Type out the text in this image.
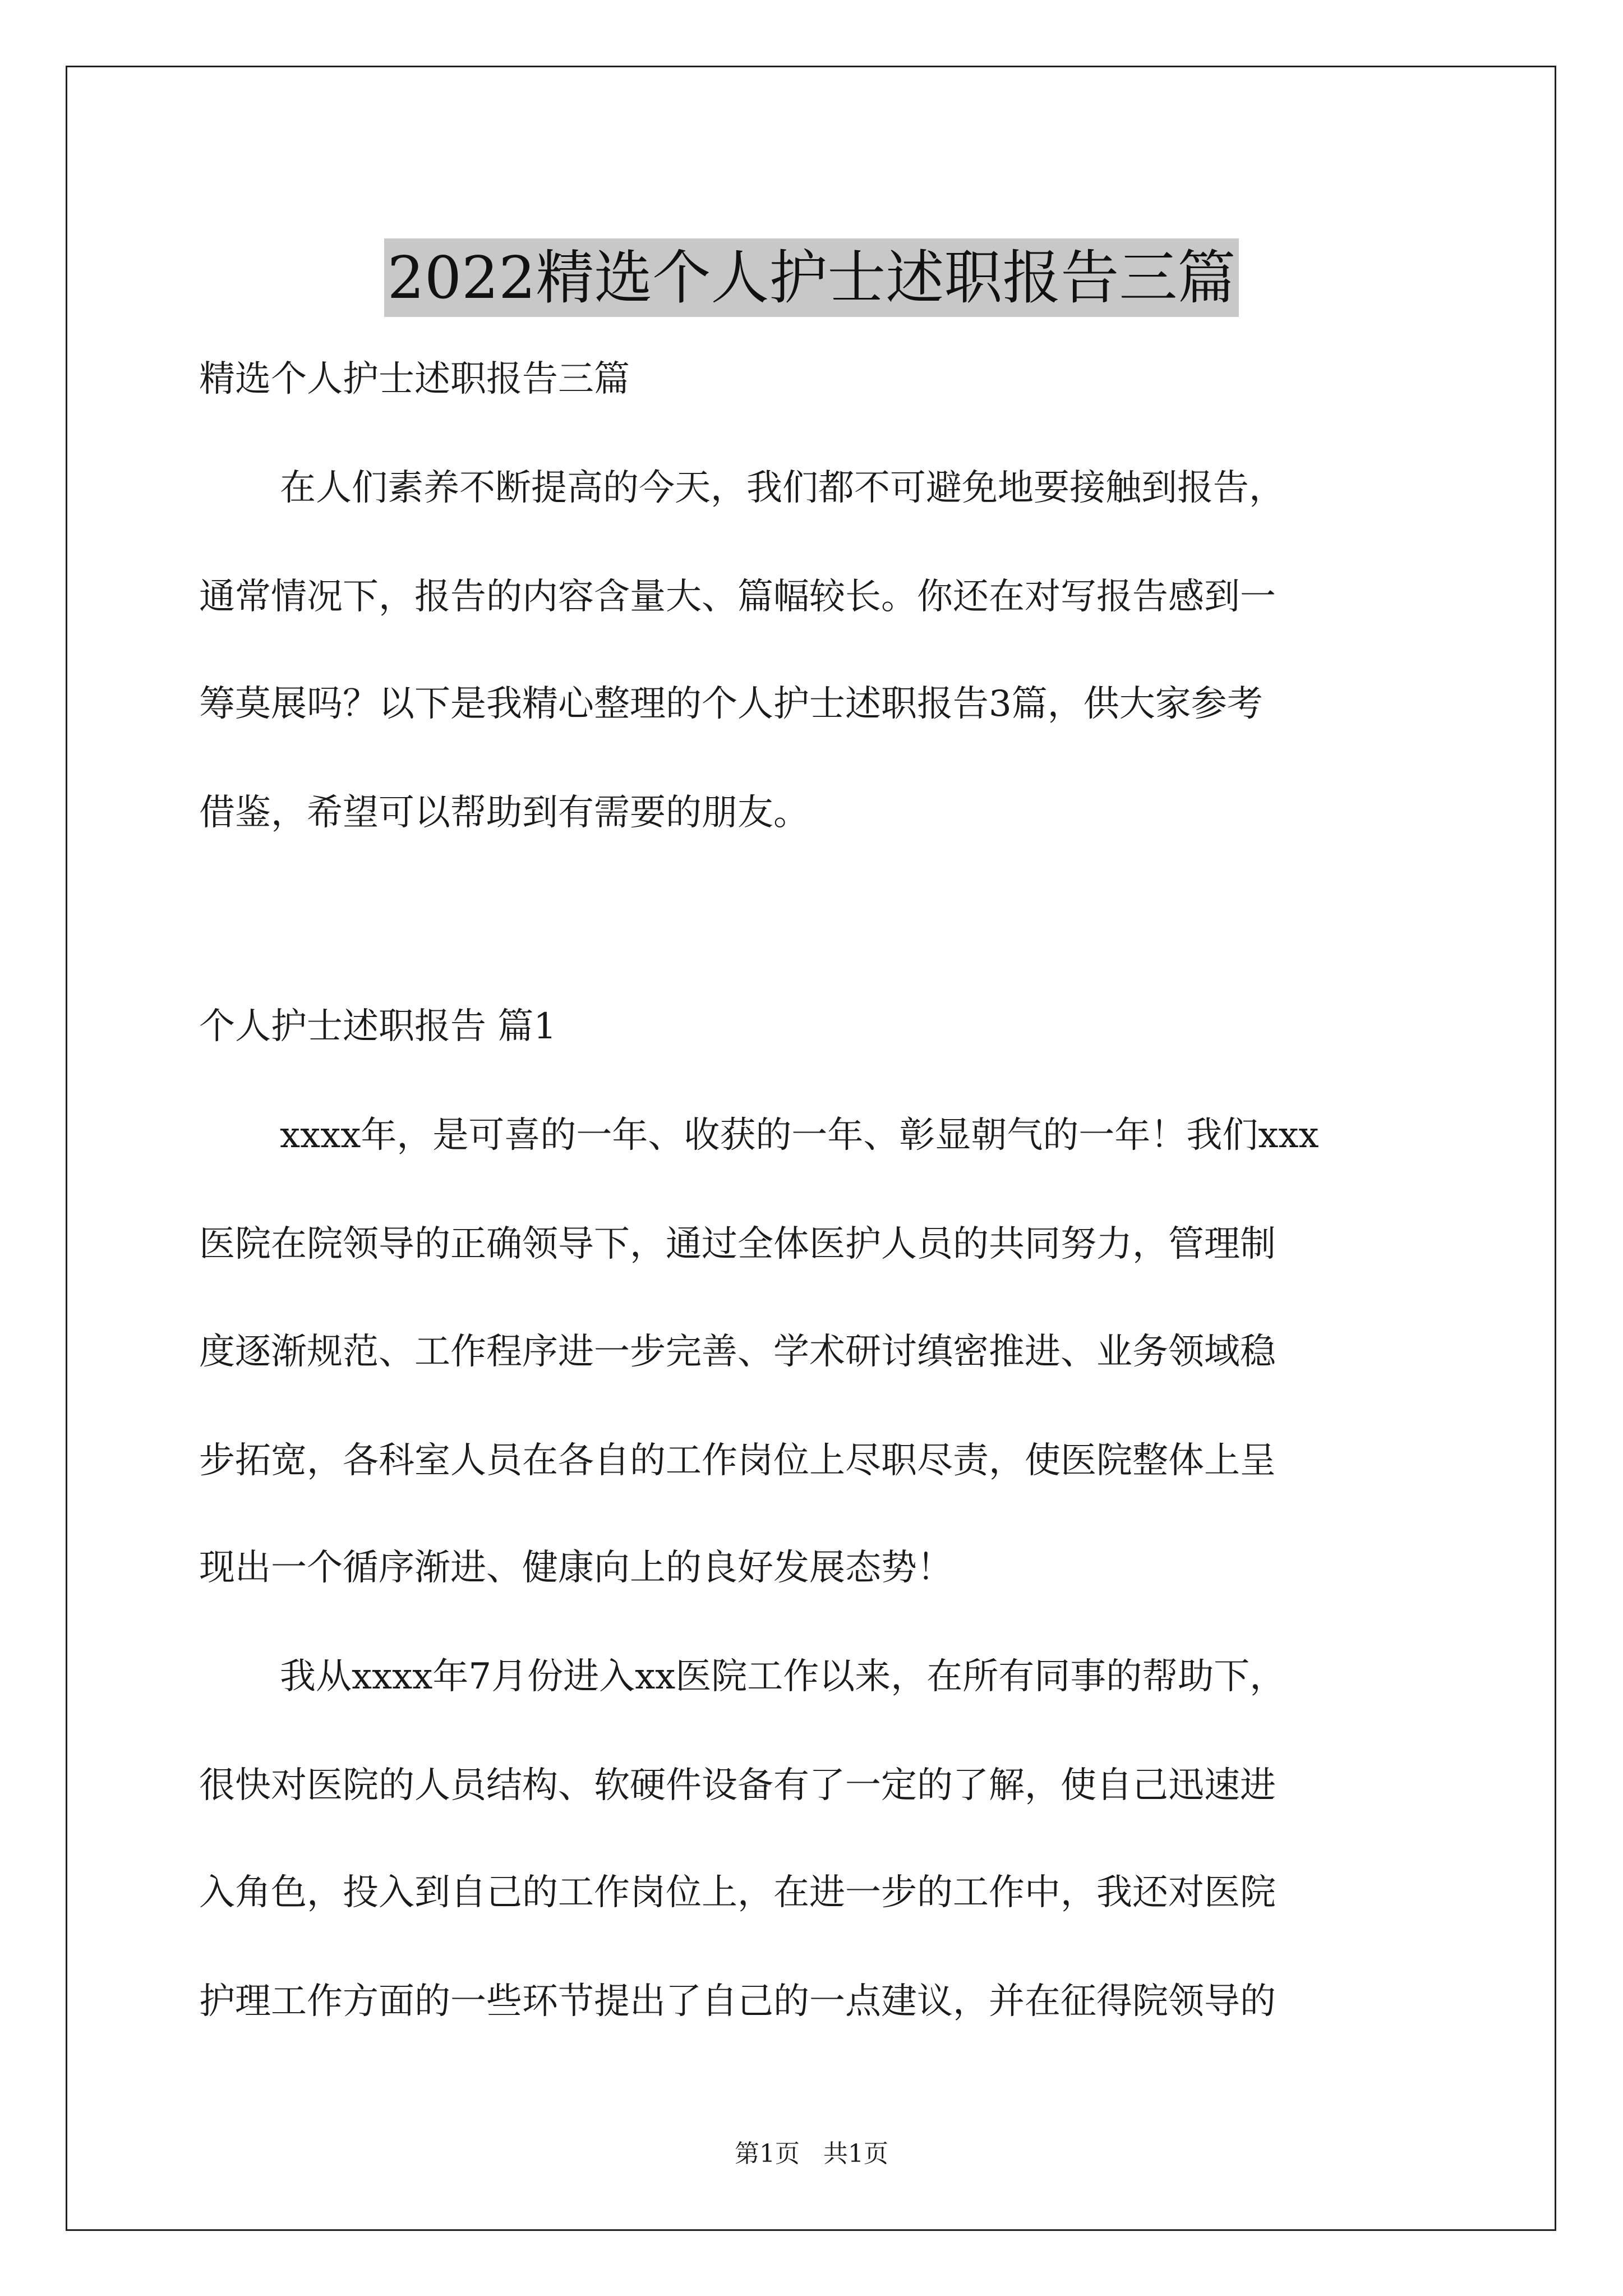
2022精选个人护士述职报告三篇
精选个人护士述职报告三篇
在人们素养不断提高的今天，我们都不可避免地要接触到报告，
通常情况下，报告的内容含量大、篇幅较长。你还在对写报告感到一
筹莫展吗？以下是我精心整理的个人护士述职报告3篇，供大家参考
借鉴，希望可以帮助到有需要的朋友。
个人护士述职报告 篇1
xxxx年，是可喜的一年、收获的一年、彰显朝气的一年！我们xxx
医院在院领导的正确领导下，通过全体医护人员的共同努力，管理制
度逐渐规范、工作程序进一步完善、学术研讨缜密推进、业务领域稳
步拓宽，各科室人员在各自的工作岗位上尽职尽责，使医院整体上呈
现出一个循序渐进、健康向上的良好发展态势！
我从xxxx年7月份进入xx医院工作以来，在所有同事的帮助下，
很快对医院的人员结构、软硬件设备有了一定的了解，使自己迅速进
入角色，投入到自己的工作岗位上，在进一步的工作中，我还对医院
护理工作方面的一些环节提出了自己的一点建议，并在征得院领导的
第1页   共1页
